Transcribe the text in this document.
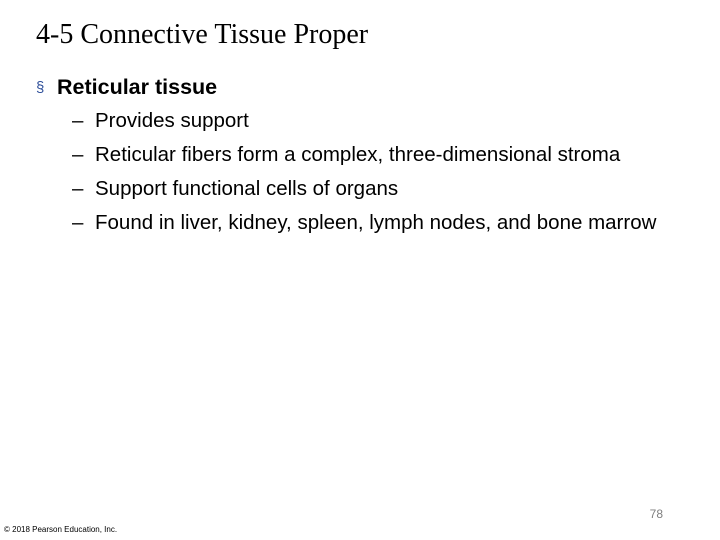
4-5 Connective Tissue Proper
§ Reticular tissue
– Provides support
– Reticular fibers form a complex, three-dimensional stroma
– Support functional cells of organs
– Found in liver, kidney, spleen, lymph nodes, and bone marrow
78
© 2018 Pearson Education, Inc.
